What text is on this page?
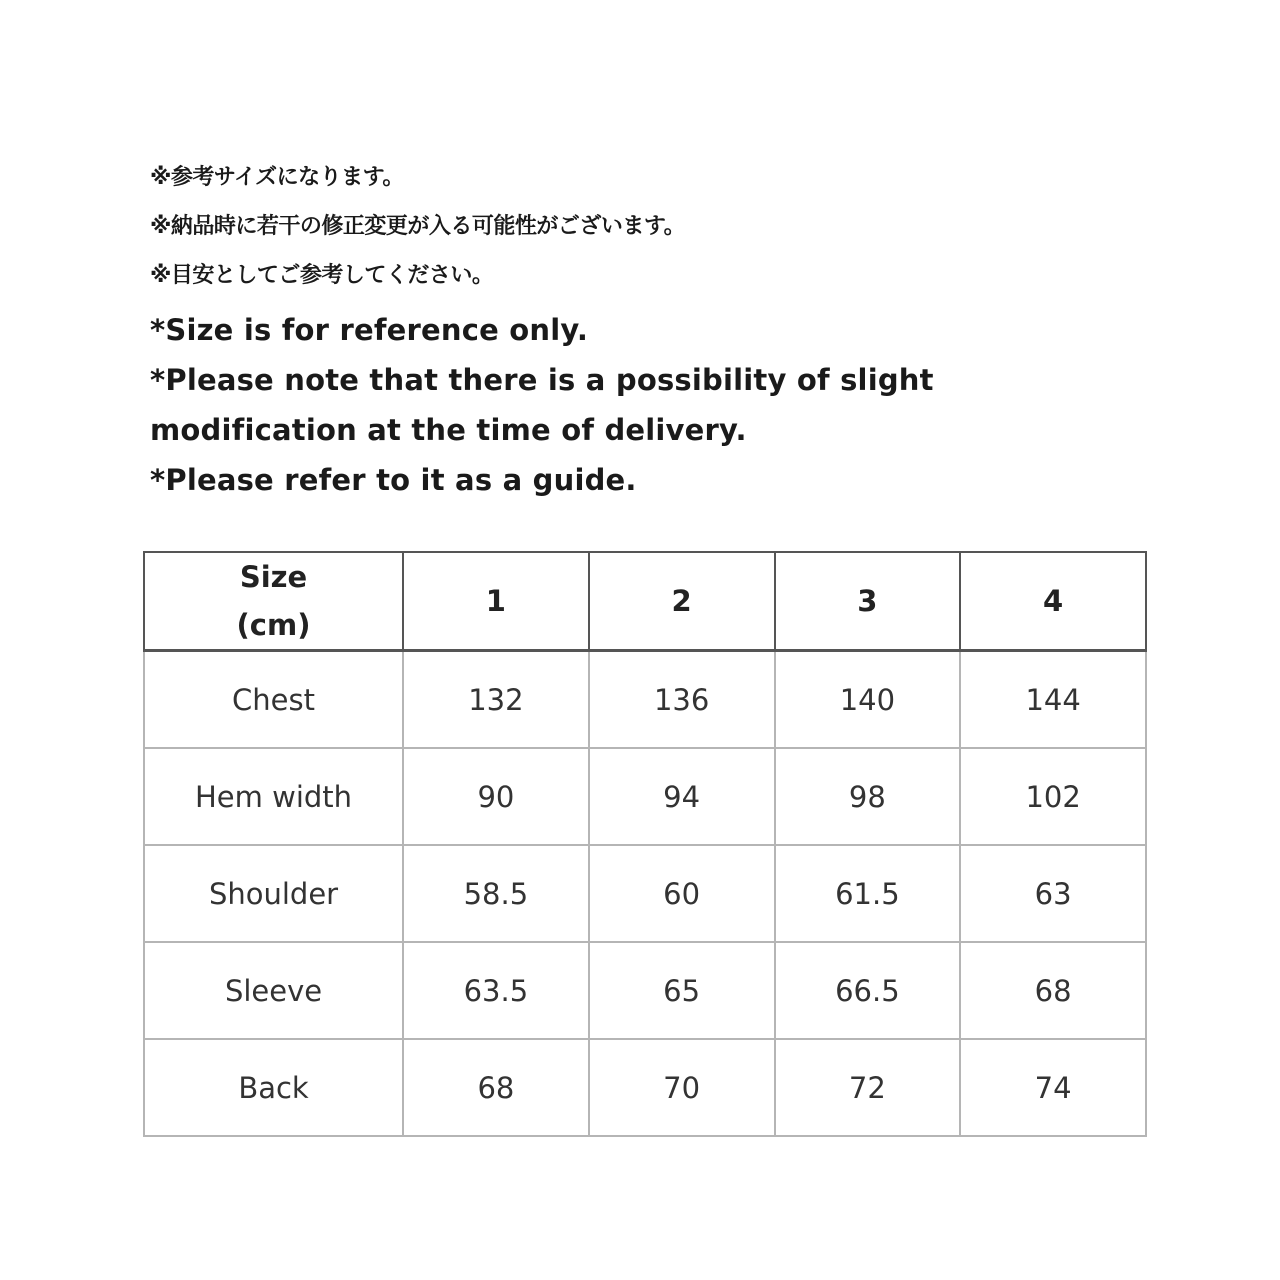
※参考サイズになります。
※納品時に若干の修正変更が入る可能性がございます。
※目安としてご参考してください。
*Size is for reference only.
*Please note that there is a possibility of slight modification at the time of delivery.
*Please refer to it as a guide.
Size
(cm)	1	2	3	4
Chest	132	136	140	144
Hem width	90	94	98	102
Shoulder	58.5	60	61.5	63
Sleeve	63.5	65	66.5	68
Back	68	70	72	74
